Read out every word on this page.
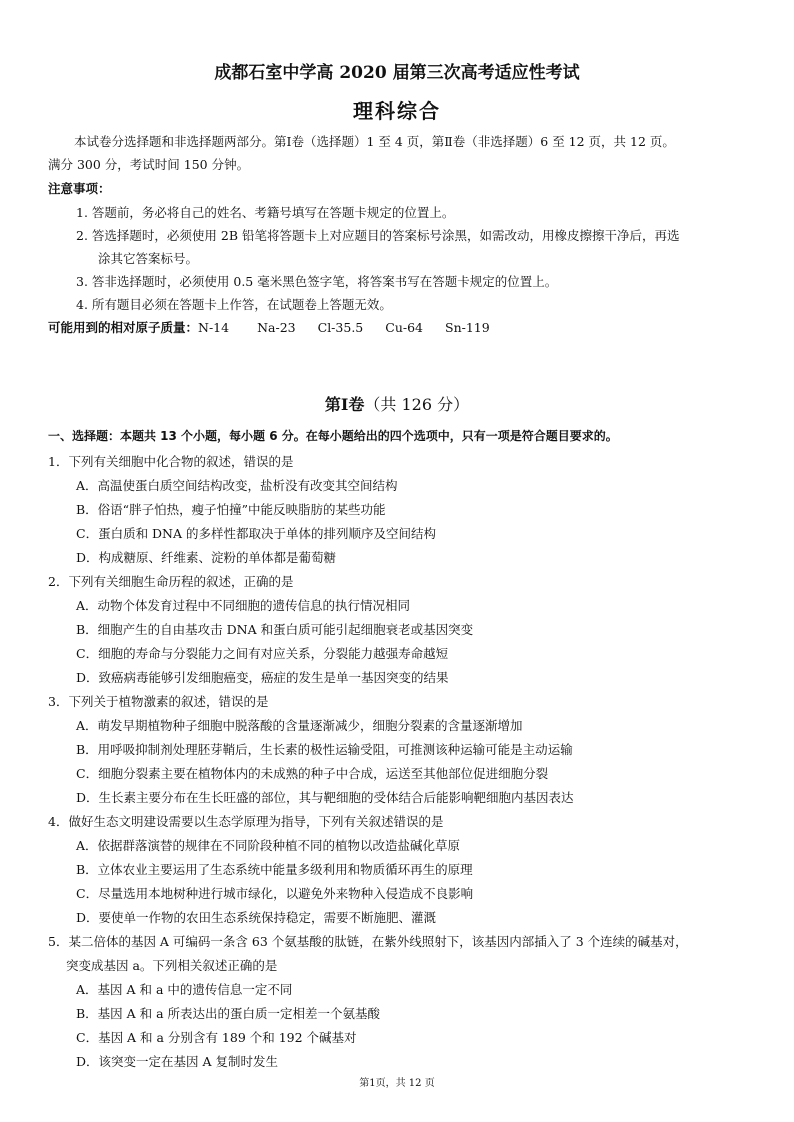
成都石室中学高 2020 届第三次高考适应性考试
理科综合
本试卷分选择题和非选择题两部分。第Ⅰ卷（选择题）1 至 4 页，第Ⅱ卷（非选择题）6 至 12 页，共 12 页。
满分 300 分，考试时间 150 分钟。
注意事项：
1. 答题前，务必将自己的姓名、考籍号填写在答题卡规定的位置上。
2. 答选择题时，必须使用 2B 铅笔将答题卡上对应题目的答案标号涂黑，如需改动，用橡皮擦擦干净后，再选
涂其它答案标号。
3. 答非选择题时，必须使用 0.5 毫米黑色签字笔，将答案书写在答题卡规定的位置上。
4. 所有题目必须在答题卡上作答，在试题卷上答题无效。
可能用到的相对原子质量：N-14 Na-23 Cl-35.5 Cu-64 Sn-119
第Ⅰ卷（共 126 分）
一、选择题：本题共 13 个小题，每小题 6 分。在每小题给出的四个选项中，只有一项是符合题目要求的。
1．下列有关细胞中化合物的叙述，错误的是
A．高温使蛋白质空间结构改变，盐析没有改变其空间结构
B．俗语“胖子怕热，瘦子怕撞”中能反映脂肪的某些功能
C．蛋白质和 DNA 的多样性都取决于单体的排列顺序及空间结构
D．构成糖原、纤维素、淀粉的单体都是葡萄糖
2．下列有关细胞生命历程的叙述，正确的是
A．动物个体发育过程中不同细胞的遗传信息的执行情况相同
B．细胞产生的自由基攻击 DNA 和蛋白质可能引起细胞衰老或基因突变
C．细胞的寿命与分裂能力之间有对应关系，分裂能力越强寿命越短
D．致癌病毒能够引发细胞癌变，癌症的发生是单一基因突变的结果
3．下列关于植物激素的叙述，错误的是
A．萌发早期植物种子细胞中脱落酸的含量逐渐减少，细胞分裂素的含量逐渐增加
B．用呼吸抑制剂处理胚芽鞘后，生长素的极性运输受阻，可推测该种运输可能是主动运输
C．细胞分裂素主要在植物体内的未成熟的种子中合成，运送至其他部位促进细胞分裂
D．生长素主要分布在生长旺盛的部位，其与靶细胞的受体结合后能影响靶细胞内基因表达
4．做好生态文明建设需要以生态学原理为指导，下列有关叙述错误的是
A．依据群落演替的规律在不同阶段种植不同的植物以改造盐碱化草原
B．立体农业主要运用了生态系统中能量多级利用和物质循环再生的原理
C．尽量选用本地树种进行城市绿化，以避免外来物种入侵造成不良影响
D．要使单一作物的农田生态系统保持稳定，需要不断施肥、灌溉
5．某二倍体的基因 A 可编码一条含 63 个氨基酸的肽链，在紫外线照射下，该基因内部插入了 3 个连续的碱基对，
突变成基因 a。下列相关叙述正确的是
A．基因 A 和 a 中的遗传信息一定不同
B．基因 A 和 a 所表达出的蛋白质一定相差一个氨基酸
C．基因 A 和 a 分别含有 189 个和 192 个碱基对
D．该突变一定在基因 A 复制时发生
第1页，共 12 页
